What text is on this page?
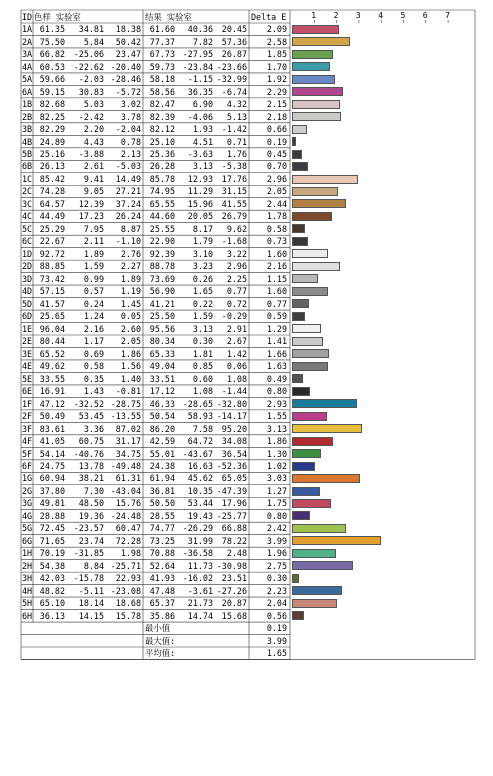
1 2 3 4 5 6 7
ID 色样 实验室	结果 实验室	Delta E
1A 61.35	34.81	18.38	61.60	40.36	20.45	2.09
2A 75.50	5.84	50.42	77.37	7.82	57.36	2.58
3A 66.82	-25.06	23.47	67.73 -27.95	26.87	1.85
4A 60.53	-22.62 -20.40	59.73 -23.84 -23.66	1.70
5A 59.66	-2.03 -28.46	58.18	-1.15 -32.99	1.92
6A 59.15	30.83	-5.72	58.56	36.35	-6.74	2.29
1B 82.68	5.03	3.02	82.47	6.90	4.32	2.15
2B 82.25	-2.42	3.78	82.39	-4.06	5.13	2.18
3B 82.29	2.20	-2.04	82.12	1.93	-1.42	0.66
4B 24.89	4.43	0.78	25.10	4.51	0.71	0.19
5B 25.16	-3.88	2.13	25.36	-3.63	1.76	0.45
6B 26.13	2.61	-5.03	26.28	3.13	-5.38	0.70
1C 85.42	9.41	14.49	85.78	12.93	17.76	2.96
2C 74.28	9.05	27.21	74.95	11.29	31.15	2.05
3C 64.57	12.39	37.24	65.55	15.96	41.55	2.44
4C 44.49	17.23	26.24	44.60	20.05	26.79	1.78
5C 25.29	7.95	8.87	25.55	8.17	9.62	0.58
6C 22.67	2.11	-1.10	22.90	1.79	-1.68	0.73
1D 92.72	1.89	2.76	92.39	3.10	3.22	1.60
2D 88.85	1.59	2.27	88.78	3.23	2.96	2.16
3D 73.42	0.99	1.89	73.69	0.26	2.25	1.15
4D 57.15	0.57	1.19	56.90	1.65	0.77	1.60
5D 41.57	0.24	1.45	41.21	0.22	0.72	0.77
6D 25.65	1.24	0.05	25.50	1.59	-0.29	0.59
1E 96.04	2.16	2.60	95.56	3.13	2.91	1.29
2E 80.44	1.17	2.05	80.34	0.30	2.67	1.41
3E 65.52	0.69	1.86	65.33	1.81	1.42	1.66
4E 49.62	0.58	1.56	49.04	0.85	0.06	1.63
5E 33.55	0.35	1.40	33.51	0.60	1.08	0.49
6E 16.91	1.43	-0.81	17.12	1.08	-1.44	0.80
1F 47.12	-32.52 -28.75	46.33 -28.65 -32.80	2.93
2F 50.49	53.45 -13.55	50.54	58.93 -14.17	1.55
3F 83.61	3.36	87.02	86.20	7.58	95.20	3.13
4F 41.05	60.75	31.17	42.59	64.72	34.08	1.86
5F 54.14	-40.76	34.75	55.01 -43.67	36.54	1.30
6F 24.75	13.78 -49.48	24.38	16.63 -52.36	1.02
1G 60.94	38.21	61.31	61.94	45.62	65.05	3.03
2G 37.80	7.30 -43.04	36.81	10.35 -47.39	1.27
3G 49.81	48.50	15.76	50.50	53.44	17.96	1.75
4G 28.88	19.36 -24.48	28.55	19.43 -25.77	0.80
5G 72.45	-23.57	60.47	74.77 -26.29	66.88	2.42
6G 71.65	23.74	72.28	73.25	31.99	78.22	3.99
1H 70.19	-31.85	1.98	70.88 -36.58	2.48	1.96
2H 54.38	8.84 -25.71	52.64	11.73 -30.98	2.75
3H 42.03	-15.78	22.93	41.93 -16.02	23.51	0.30
4H 48.82	-5.11 -23.08	47.48	-3.61 -27.26	2.23
5H 65.10	18.14	18.68	65.37	21.73	20.87	2.04
6H 36.13	14.15	15.78	35.86	14.74	15.68	0.56
最小值	0.19
最大值:	3.99
平均值:	1.65
